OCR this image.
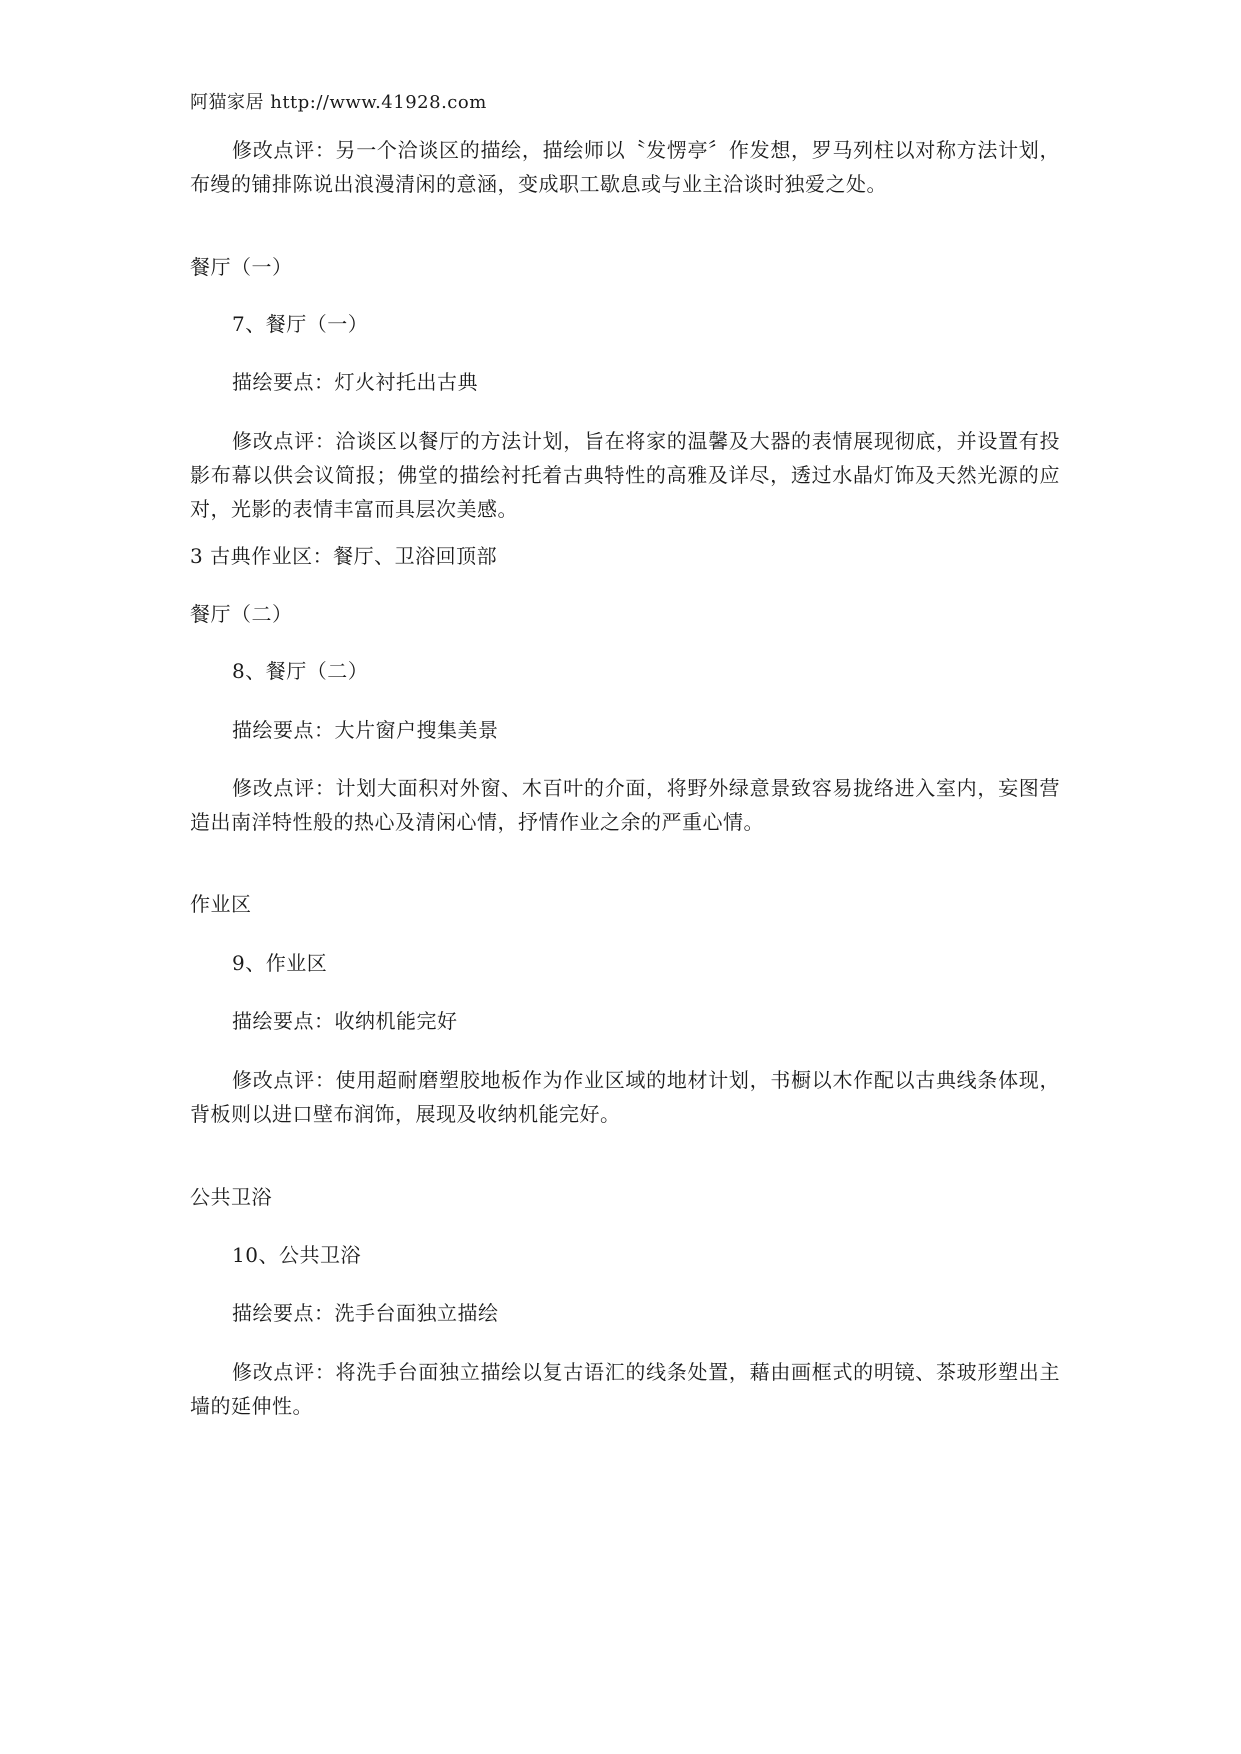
阿猫家居 http://www.41928.com

修改点评：另一个洽谈区的描绘，描绘师以〝发愣亭〞作发想，罗马列柱以对称方法计划，布缦的铺排陈说出浪漫清闲的意涵，变成职工歇息或与业主洽谈时独爱之处。

餐厅（一）
7、餐厅（一）
描绘要点：灯火衬托出古典

修改点评：洽谈区以餐厅的方法计划，旨在将家的温馨及大器的表情展现彻底，并设置有投影布幕以供会议简报；佛堂的描绘衬托着古典特性的高雅及详尽，透过水晶灯饰及天然光源的应对，光影的表情丰富而具层次美感。

3 古典作业区：餐厅、卫浴回顶部
餐厅（二）
8、餐厅（二）
描绘要点：大片窗户搜集美景

修改点评：计划大面积对外窗、木百叶的介面，将野外绿意景致容易拢络进入室内，妄图营造出南洋特性般的热心及清闲心情，抒情作业之余的严重心情。

作业区
9、作业区
描绘要点：收纳机能完好

修改点评：使用超耐磨塑胶地板作为作业区域的地材计划，书橱以木作配以古典线条体现，背板则以进口壁布润饰，展现及收纳机能完好。

公共卫浴
10、公共卫浴
描绘要点：洗手台面独立描绘

修改点评：将洗手台面独立描绘以复古语汇的线条处置，藉由画框式的明镜、茶玻形塑出主墙的延伸性。
